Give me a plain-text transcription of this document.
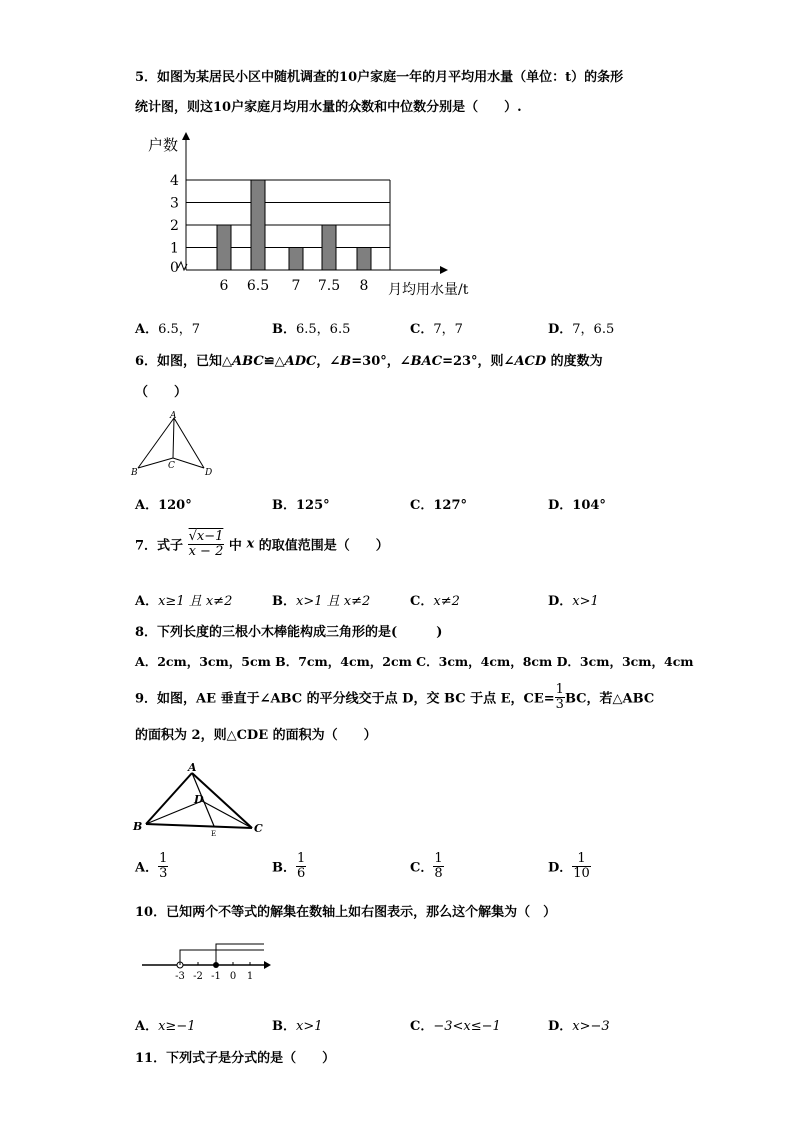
5．如图为某居民小区中随机调查的10户家庭一年的月平均用水量（单位：t）的条形
统计图，则这10户家庭月均用水量的众数和中位数分别是（　　）.
0
1
2
3
4
户数
6 6.5 7 7.5 8 月均用水量/t
A．6.5，7	B．6.5，6.5	C．7，7	D．7，6.5
6．如图，已知△ABC≌△ADC，∠B=30°，∠BAC=23°，则∠ACD 的度数为
（　　）
A
B
C
D
A．120°	B．125°	C．127°	D．104°
7．式子 $\frac{√x-1}{x - 2}$ 中 x 的取值范围是（　　）
A．x≥1 且 x≠2	B．x>1 且 x≠2	C．x≠2	D．x>1
8．下列长度的三根小木棒能构成三角形的是(　　　)
A．2cm，3cm，5cm B．7cm，4cm，2cm C．3cm，4cm，8cm D．3cm，3cm，4cm
9．如图，AE 垂直于∠ABC 的平分线交于点 D，交 BC 于点 E，$CE= \frac{1}{3}$ BC，若△ABC
的面积为 2，则△CDE 的面积为（　　）
A
B	C
D
E
A． $\frac{1}{3}$	B． $\frac{1}{6}$	C． $\frac{1}{8}$	D． $\frac{1}{10}$
10．已知两个不等式的解集在数轴上如右图表示，那么这个解集为（　）
-3 -2 -1 0 1
A．x≥−1	B．x>1	C．−3<x≤−1	D．x>−3
11．下列式子是分式的是（　　）
